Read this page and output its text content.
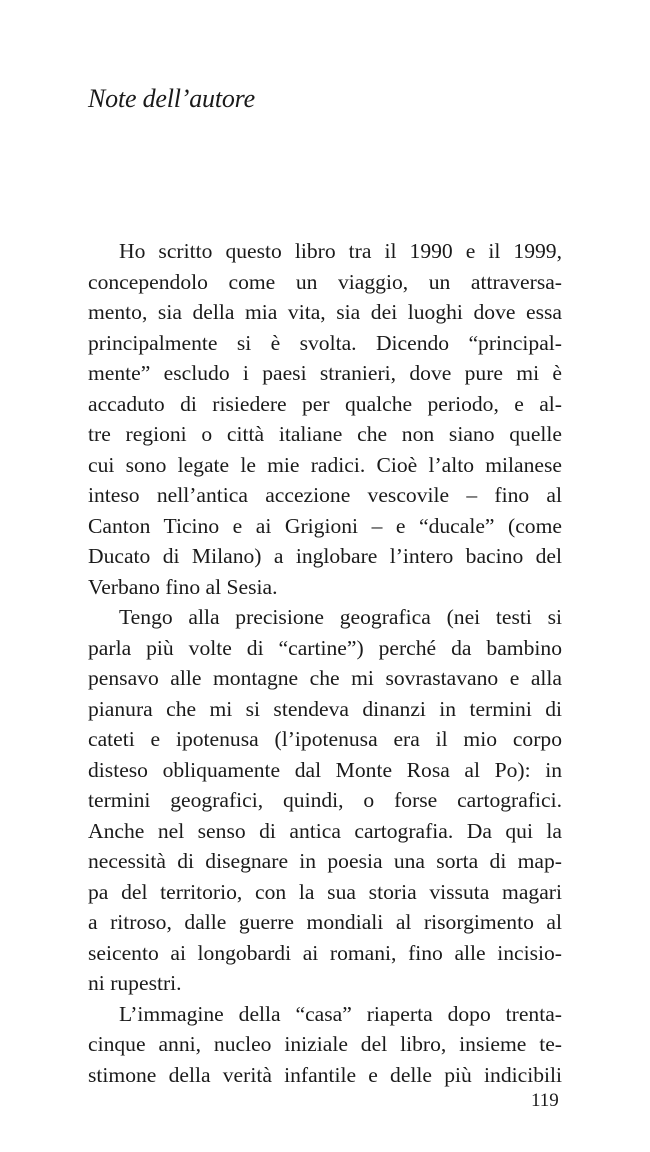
Note dell’autore
Ho scritto questo libro tra il 1990 e il 1999,
concependolo come un viaggio, un attraversa-
mento, sia della mia vita, sia dei luoghi dove essa
principalmente si è svolta. Dicendo “principal-
mente” escludo i paesi stranieri, dove pure mi è
accaduto di risiedere per qualche periodo, e al-
tre regioni o città italiane che non siano quelle
cui sono legate le mie radici. Cioè l’alto milanese
inteso nell’antica accezione vescovile – fino al
Canton Ticino e ai Grigioni – e “ducale” (come
Ducato di Milano) a inglobare l’intero bacino del
Verbano fino al Sesia.
Tengo alla precisione geografica (nei testi si
parla più volte di “cartine”) perché da bambino
pensavo alle montagne che mi sovrastavano e alla
pianura che mi si stendeva dinanzi in termini di
cateti e ipotenusa (l’ipotenusa era il mio corpo
disteso obliquamente dal Monte Rosa al Po): in
termini geografici, quindi, o forse cartografici.
Anche nel senso di antica cartografia. Da qui la
necessità di disegnare in poesia una sorta di map-
pa del territorio, con la sua storia vissuta magari
a ritroso, dalle guerre mondiali al risorgimento al
seicento ai longobardi ai romani, fino alle incisio-
ni rupestri.
L’immagine della “casa” riaperta dopo trenta-
cinque anni, nucleo iniziale del libro, insieme te-
stimone della verità infantile e delle più indicibili
119
